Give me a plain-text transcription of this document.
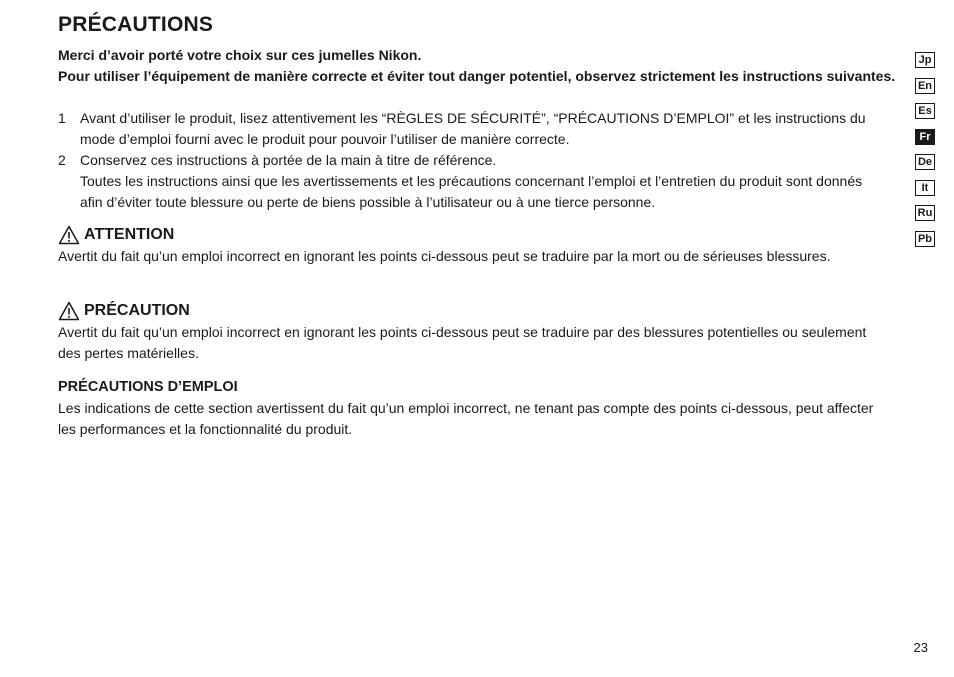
PRÉCAUTIONS

Merci d’avoir porté votre choix sur ces jumelles Nikon.

Pour utiliser l’équipement de manière correcte et éviter tout danger potentiel, observez strictement les instructions suivantes.

1	Avant d’utiliser le produit, lisez attentivement les “RÈGLES DE SÉCURITÉ”, “PRÉCAUTIONS D’EMPLOI” et les instructions du mode d’emploi fourni avec le produit pour pouvoir l’utiliser de manière correcte.
2	Conservez ces instructions à portée de la main à titre de référence.
Toutes les instructions ainsi que les avertissements et les précautions concernant l’emploi et l’entretien du produit sont donnés afin d’éviter toute blessure ou perte de biens possible à l’utilisateur ou à une tierce personne.
ATTENTION

Avertit du fait qu’un emploi incorrect en ignorant les points ci-dessous peut se traduire par la mort ou de sérieuses blessures.

PRÉCAUTION

Avertit du fait qu’un emploi incorrect en ignorant les points ci-dessous peut se traduire par des blessures potentielles ou seulement des pertes matérielles.

PRÉCAUTIONS D’EMPLOI

Les indications de cette section avertissent du fait qu’un emploi incorrect, ne tenant pas compte des points ci-dessous, peut affecter les performances et la fonctionnalité du produit.

Jp
En
Es
Fr
De
It
Ru
Pb
23
